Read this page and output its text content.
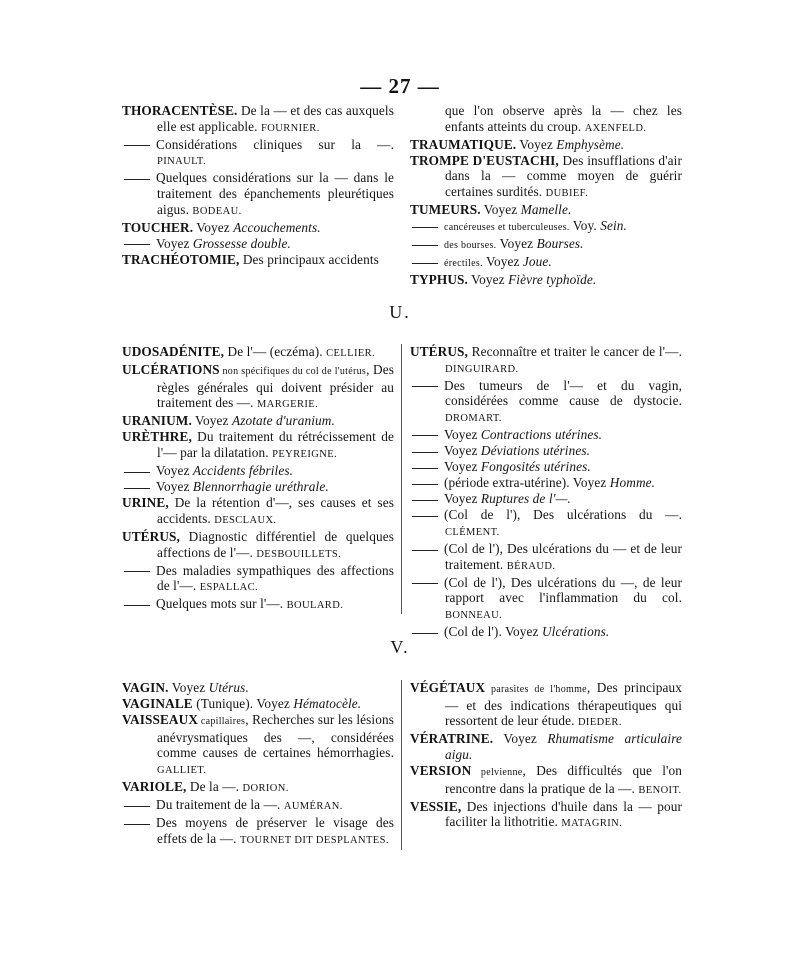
— 27 —

THORACENTÈSE. De la — et des cas auxquels elle est applicable. FOURNIER.

Considérations cliniques sur la —. PINAULT.

Quelques considérations sur la — dans le traitement des épanchements pleurétiques aigus. BODEAU.

TOUCHER. Voyez Accouchements.

Voyez Grossesse double.

TRACHÉOTOMIE, Des principaux accidents

que l'on observe après la — chez les enfants atteints du croup. AXENFELD.

TRAUMATIQUE. Voyez Emphysème.

TROMPE D'EUSTACHI, Des insufflations d'air dans la — comme moyen de guérir certaines surdités. DUBIEF.

TUMEURS. Voyez Mamelle.

cancéreuses et tuberculeuses. Voy. Sein.

des bourses. Voyez Bourses.

érectiles. Voyez Joue.

TYPHUS. Voyez Fièvre typhoïde.

U.

UDOSADÉNITE, De l'— (eczéma). CELLIER.

ULCÉRATIONS non spécifiques du col de l'utérus, Des règles générales qui doivent présider au traitement des —. MARGERIE.

URANIUM. Voyez Azotate d'uranium.

URÈTHRE, Du traitement du rétrécissement de l'— par la dilatation. PEYREIGNE.

Voyez Accidents fébriles.

Voyez Blennorrhagie uréthrale.

URINE, De la rétention d'—, ses causes et ses accidents. DESCLAUX.

UTÉRUS, Diagnostic différentiel de quelques affections de l'—. DESBOUILLETS.

Des maladies sympathiques des affections de l'—. ESPALLAC.

Quelques mots sur l'—. BOULARD.

UTÉRUS, Reconnaître et traiter le cancer de l'—. DINGUIRARD.

Des tumeurs de l'— et du vagin, considérées comme cause de dystocie. DROMART.

Voyez Contractions utérines.

Voyez Déviations utérines.

Voyez Fongosités utérines.

(période extra-utérine). Voyez Homme.

Voyez Ruptures de l'—.

(Col de l'), Des ulcérations du —. CLÉMENT.

(Col de l'), Des ulcérations du — et de leur traitement. BÉRAUD.

(Col de l'), Des ulcérations du —, de leur rapport avec l'inflammation du col. BONNEAU.

(Col de l'). Voyez Ulcérations.

V.

VAGIN. Voyez Utérus.

VAGINALE (Tunique). Voyez Hématocèle.

VAISSEAUX capillaires, Recherches sur les lésions anévrysmatiques des —, considérées comme causes de certaines hémorrhagies. GALLIET.

VARIOLE, De la —. DORION.

Du traitement de la —. AUMÉRAN.

Des moyens de préserver le visage des effets de la —. TOURNET DIT DESPLANTES.

VÉGÉTAUX parasites de l'homme, Des principaux — et des indications thérapeutiques qui ressortent de leur étude. DIEDER.

VÉRATRINE. Voyez Rhumatisme articulaire aigu.

VERSION pelvienne, Des difficultés que l'on rencontre dans la pratique de la —. BENOIT.

VESSIE, Des injections d'huile dans la — pour faciliter la lithotritie. MATAGRIN.
